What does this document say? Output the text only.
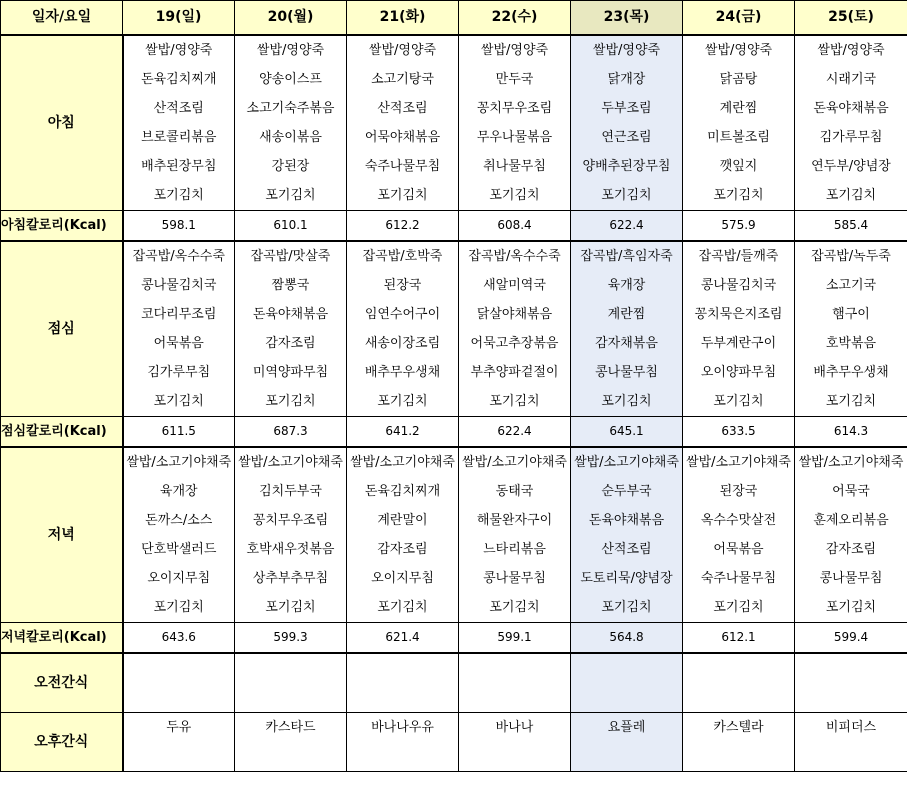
일자/요일	19(일)	20(월)	21(화)	22(수)	23(목)	24(금)	25(토)
아침	쌀밥/영양죽	쌀밥/영양죽	쌀밥/영양죽	쌀밥/영양죽	쌀밥/영양죽	쌀밥/영양죽	쌀밥/영양죽
	돈육김치찌개	양송이스프	소고기탕국	만두국	닭개장	닭곰탕	시래기국
	산적조림	소고기숙주볶음	산적조림	꽁치무우조림	두부조림	계란찜	돈육야채볶음
	브로콜리볶음	새송이볶음	어묵야채볶음	무우나물볶음	연근조림	미트볼조림	김가루무침
	배추된장무침	강된장	숙주나물무침	취나물무침	양배추된장무침	깻잎지	연두부/양념장
	포기김치	포기김치	포기김치	포기김치	포기김치	포기김치	포기김치
아침칼로리(Kcal)	598.1	610.1	612.2	608.4	622.4	575.9	585.4
점심	잡곡밥/옥수수죽	잡곡밥/맛살죽	잡곡밥/호박죽	잡곡밥/옥수수죽	잡곡밥/흑임자죽	잡곡밥/들깨죽	잡곡밥/녹두죽
	콩나물김치국	짬뽕국	된장국	새알미역국	육개장	콩나물김치국	소고기국
	코다리무조림	돈육야채볶음	임연수어구이	닭살야채볶음	계란찜	꽁치묵은지조림	햄구이
	어묵볶음	감자조림	새송이장조림	어묵고추장볶음	감자채볶음	두부계란구이	호박볶음
	김가루무침	미역양파무침	배추무우생채	부추양파겉절이	콩나물무침	오이양파무침	배추무우생채
	포기김치	포기김치	포기김치	포기김치	포기김치	포기김치	포기김치
점심칼로리(Kcal)	611.5	687.3	641.2	622.4	645.1	633.5	614.3
저녁	쌀밥/소고기야채죽	쌀밥/소고기야채죽	쌀밥/소고기야채죽	쌀밥/소고기야채죽	쌀밥/소고기야채죽	쌀밥/소고기야채죽	쌀밥/소고기야채죽
	육개장	김치두부국	돈육김치찌개	동태국	순두부국	된장국	어묵국
	돈까스/소스	꽁치무우조림	계란말이	해물완자구이	돈육야채볶음	옥수수맛살전	훈제오리볶음
	단호박샐러드	호박새우젓볶음	감자조림	느타리볶음	산적조림	어묵볶음	감자조림
	오이지무침	상추부추무침	오이지무침	콩나물무침	도토리묵/양념장	숙주나물무침	콩나물무침
	포기김치	포기김치	포기김치	포기김치	포기김치	포기김치	포기김치
저녁칼로리(Kcal)	643.6	599.3	621.4	599.1	564.8	612.1	599.4
오전간식							

오후간식	두유	카스타드	바나나우유	바나나	요플레	카스텔라	비피더스
